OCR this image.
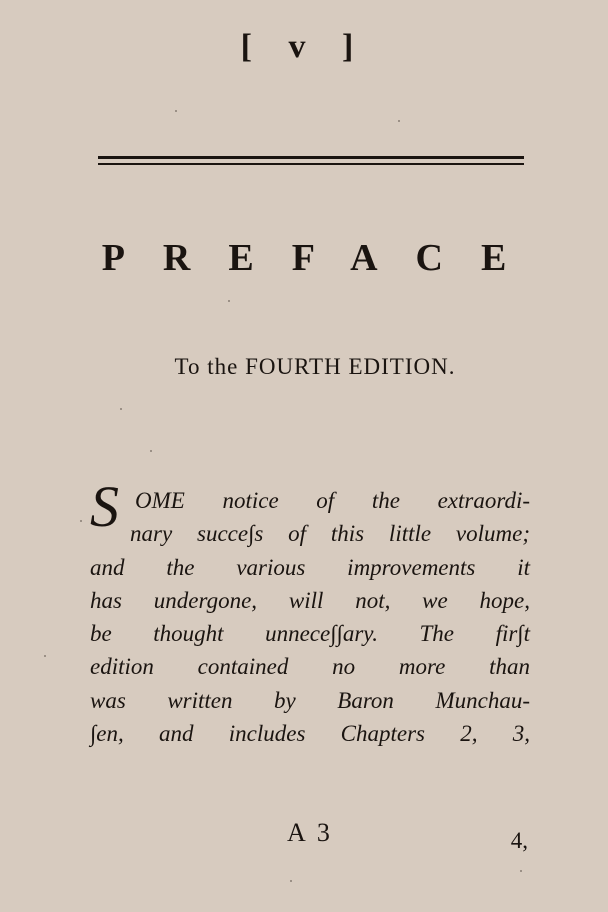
[ v ]
PREFACE
To the FOURTH EDITION.
S OME notice of the extraordi-
nary succe∫s of this little volume;
and the various improvements it
has undergone, will not, we hope,
be thought unnece∫∫ary. The fir∫t
edition contained no more than
was written by Baron Munchau-
∫en, and includes Chapters 2, 3,
A 3	4,
